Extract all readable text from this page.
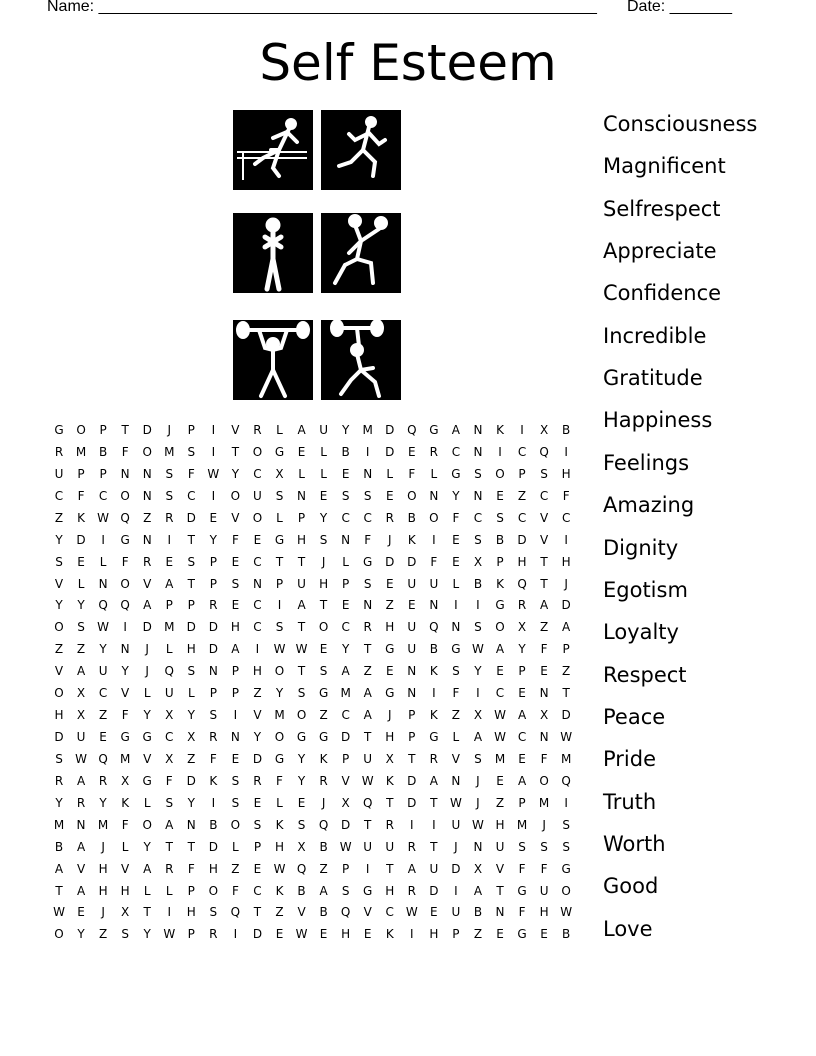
Name: ________________________________________________________ Date: _______
Self Esteem
G	O	P	T	D	J	P	I	V	R	L	A	U	Y	M	D	Q	G	A	N	K	I	X	B
R	M	B	F	O	M	S	I	T	O	G	E	L	B	I	D	E	R	C	N	I	C	Q	I
U	P	P	N	N	S	F	W	Y	C	X	L	L	E	N	L	F	L	G	S	O	P	S	H
C	F	C	O	N	S	C	I	O	U	S	N	E	S	S	E	O	N	Y	N	E	Z	C	F
Z	K	W Q	Z	R	D	E	V	O	L	P	Y	C	C	R	B	O	F	C	S	C	V	C
Y	D	I	G	N	I	T	Y	F	E	G	H	S	N	F	J	K	I	E	S	B	D	V	I
S	E	L	F	R	E	S	P	E	C	T	T	J	L	G	D	D	F	E	X	P	H	T	H
V	L	N	O	V	A	T	P	S	N	P	U	H	P	S	E	U	U	L	B	K	Q	T	J
Y	Y	Q	Q	A	P	P	R	E	C	I	A	T	E	N	Z	E	N	I	I	G	R	A	D
O	S	W	I	D	M	D	D	H	C	S	T	O	C	R	H	U	Q	N	S	O	X	Z	A
Z	Z	Y	N	J	L	H	D	A	I	W W	E	Y	T	G	U	B	G W	A	Y	F	P
V	A	U	Y	J	Q	S	N	P	H	O	T	S	A	Z	E	N	K	S	Y	E	P	E	Z
O	X	C	V	L	U	L	P	P	Z	Y	S	G	M	A	G	N	I	F	I	C	E	N	T
H	X	Z	F	Y	X	Y	S	I	V	M	O	Z	C	A	J	P	K	Z	X	W	A	X	D
D	U	E	G	G	C	X	R	N	Y	O	G	G	D	T	H	P	G	L	A	W C	N W
S	W Q	M	V	X	Z	F	E	D	G	Y	K	P	U	X	T	R	V	S	M	E	F	M
R	A	R	X	G	F	D	K	S	R	F	Y	R	V	W	K	D	A	N	J	E	A	O	Q
Y	R	Y	K	L	S	Y	I	S	E	L	E	J	X	Q	T	D	T	W	J	Z	P	M	I
M	N	M	F	O	A	N	B	O	S	K	S	Q	D	T	R	I	I	U W H	M	J	S
B	A	J	L	Y	T	T	D	L	P	H	X	B	W U	U	R	T	J	N	U	S	S	S
A	V	H	V	A	R	F	H	Z	E	W Q	Z	P	I	T	A	U	D	X	V	F	F	G
T	A	H	H	L	L	P	O	F	C	K	B	A	S	G	H	R	D	I	A	T	G	U	O
W	E	J	X	T	I	H	S	Q	T	Z	V	B	Q	V	C W	E	U	B	N	F	H W
O	Y	Z	S	Y	W	P	R	I	D	E	W	E	H	E	K	I	H	P	Z	E	G	E	B
Consciousness
Magnificent
Selfrespect
Appreciate
Confidence
Incredible
Gratitude
Happiness
Feelings
Amazing
Dignity
Egotism
Loyalty
Respect
Peace
Pride
Truth
Worth
Good
Love
